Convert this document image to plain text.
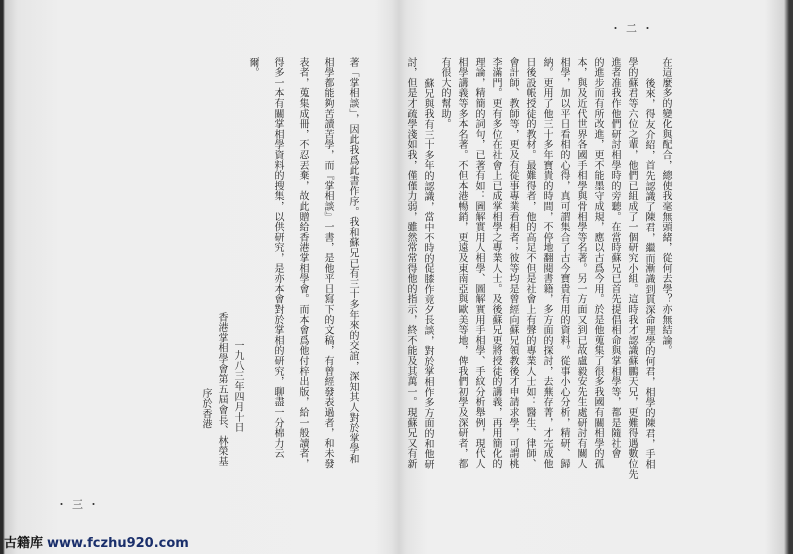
・二・
在這麼多的變化與配合，總使我毫無頭緒，從何去學？亦無結論。
後來，得友介紹，首先認識了陳君，繼而漸識到貫深命理學的何君，相學的陳君，手相
學的蘇君等六位之輩，他們已組成了一個研究小組。這時我才認識蘇鵬天兄，更難得遇數位先
進者准我作他們研討相學時的旁聽。在當時蘇兄已首先提倡相命與掌相學等，都是隨社會
的進步而有所改進，更不能墨守成規，應以古爲今用。於是他蒐集了很多我國有關相學的孤
本，與及近代世界各國手相學與骨相學等名著。另一方面又到已故盧毅安先生處研討有關人
相學，加以平日看相的心得，真可謂集合了古今寶貴有用的資料。從事小心分析，精研、歸
納。更用了他三十多年寶貴的時間，不停地翻閱書籍，多方面的探討，去蕪存菁，才完成他
日後設帳授徒的教材。最難得者，他的高足不但是社會上有聲的專業人士如：醫生、律師、
會計師、教師等，更及有從事專業看相者；彼等均是曾經向蘇兄領教後才申請求學，可謂桃
李滿門。更有多位在社會上已成掌相學之專業人士。及後蘇兄更將授徒的講義，再用簡化的
理論，精簡的詞句，已著有如：圖解實用人相學、圖解實用手相學、手紋分析舉例，現代人
相學講義等多本名著。不但本港暢銷，更遠及東南亞與歐美等地，俾我們初學及深研者，都
有很大的幫助。
蘇兄與我有三十多年的認識，當中不時的促膝作竟夕長談，對於掌相作多方面的和他研
討，但是才疏學淺如我，僅僅力弱，雖然常常得他的指示，終不能及其萬一。現蘇兄又有新
著「掌相談」，因此我爲此書作序。我和蘇兄已有三十多年來的交誼，深知其人對於掌學和
相學都能夠苦讀苦學，而『掌相談』一書，是他平日寫下的文稿，有曾經發表過者，和未發
表者，蒐集成冊，不忍丟棄，故此贈給香港掌相學會。而本會爲他付梓出版，給一般讀者，
得多一本有關掌相學資料的搜集，以供研究，是亦本會對於掌相的研究，聊盡一分棉力云
爾。
一九八三年四月十日
香港掌相學會第五屆會長、林榮基
序於香港
・三・
古籍库 www.fczhu920.com
